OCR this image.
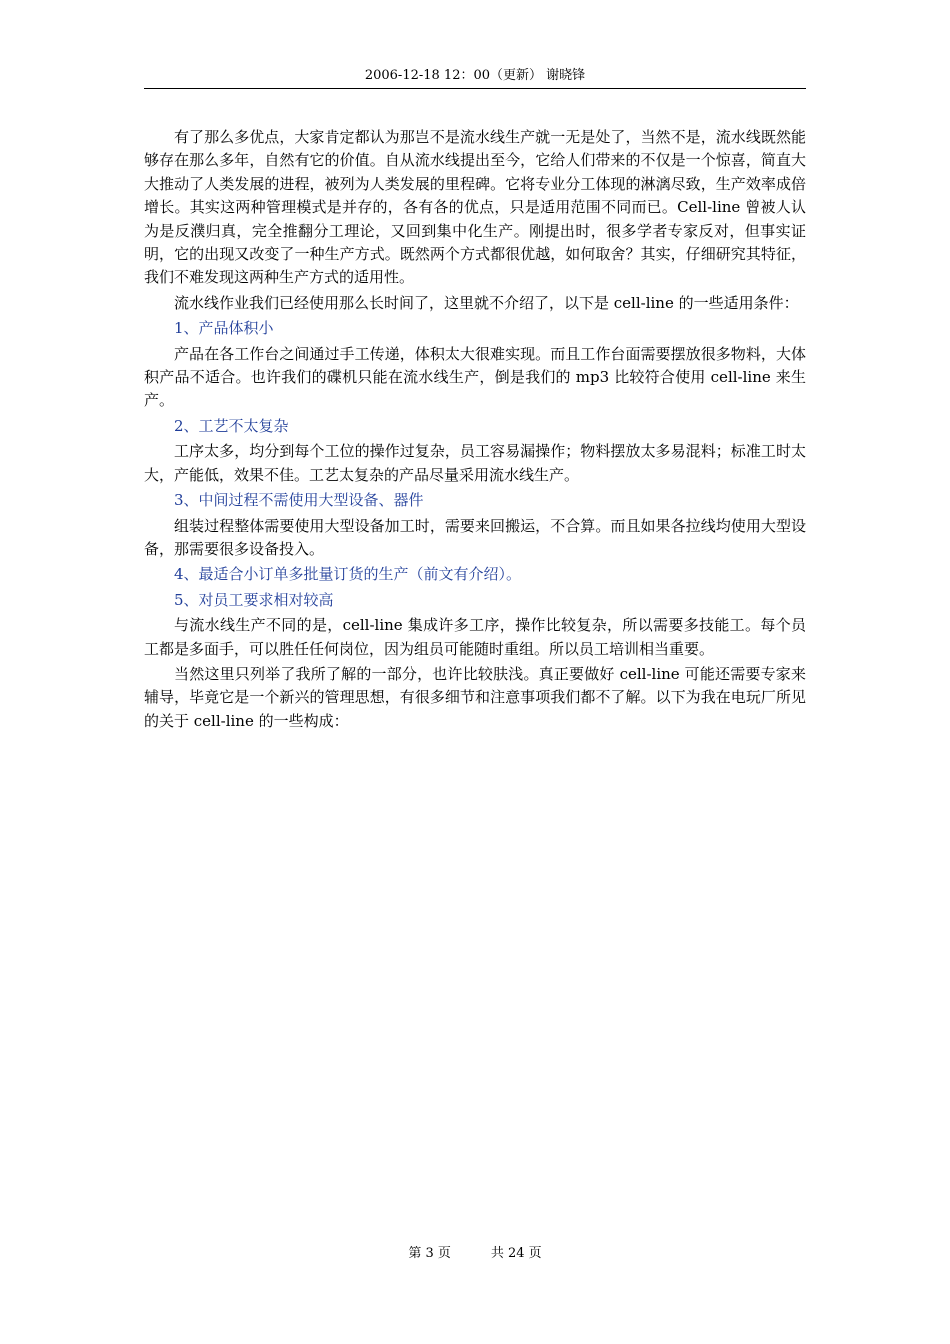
2006-12-18 12：00（更新） 谢晓锋

有了那么多优点，大家肯定都认为那岂不是流水线生产就一无是处了，当然不是，流水线既然能够存在那么多年，自然有它的价值。自从流水线提出至今，它给人们带来的不仅是一个惊喜，简直大大推动了人类发展的进程，被列为人类发展的里程碑。它将专业分工体现的淋漓尽致，生产效率成倍增长。其实这两种管理模式是并存的，各有各的优点，只是适用范围不同而已。Cell-line 曾被人认为是反濮归真，完全推翻分工理论，又回到集中化生产。刚提出时，很多学者专家反对，但事实证明，它的出现又改变了一种生产方式。既然两个方式都很优越，如何取舍？其实，仔细研究其特征，我们不难发现这两种生产方式的适用性。

流水线作业我们已经使用那么长时间了，这里就不介绍了，以下是 cell-line 的一些适用条件：

1、产品体积小

产品在各工作台之间通过手工传递，体积太大很难实现。而且工作台面需要摆放很多物料，大体积产品不适合。也许我们的碟机只能在流水线生产，倒是我们的 mp3 比较符合使用 cell-line 来生产。

2、工艺不太复杂

工序太多，均分到每个工位的操作过复杂，员工容易漏操作；物料摆放太多易混料；标准工时太大，产能低，效果不佳。工艺太复杂的产品尽量采用流水线生产。

3、中间过程不需使用大型设备、器件

组装过程整体需要使用大型设备加工时，需要来回搬运，不合算。而且如果各拉线均使用大型设备，那需要很多设备投入。

4、最适合小订单多批量订货的生产（前文有介绍）。

5、对员工要求相对较高

与流水线生产不同的是，cell-line 集成许多工序，操作比较复杂，所以需要多技能工。每个员工都是多面手，可以胜任任何岗位，因为组员可能随时重组。所以员工培训相当重要。

当然这里只列举了我所了解的一部分，也许比较肤浅。真正要做好 cell-line 可能还需要专家来辅导，毕竟它是一个新兴的管理思想，有很多细节和注意事项我们都不了解。以下为我在电玩厂所见的关于 cell-line 的一些构成：

第 3 页	共 24 页
